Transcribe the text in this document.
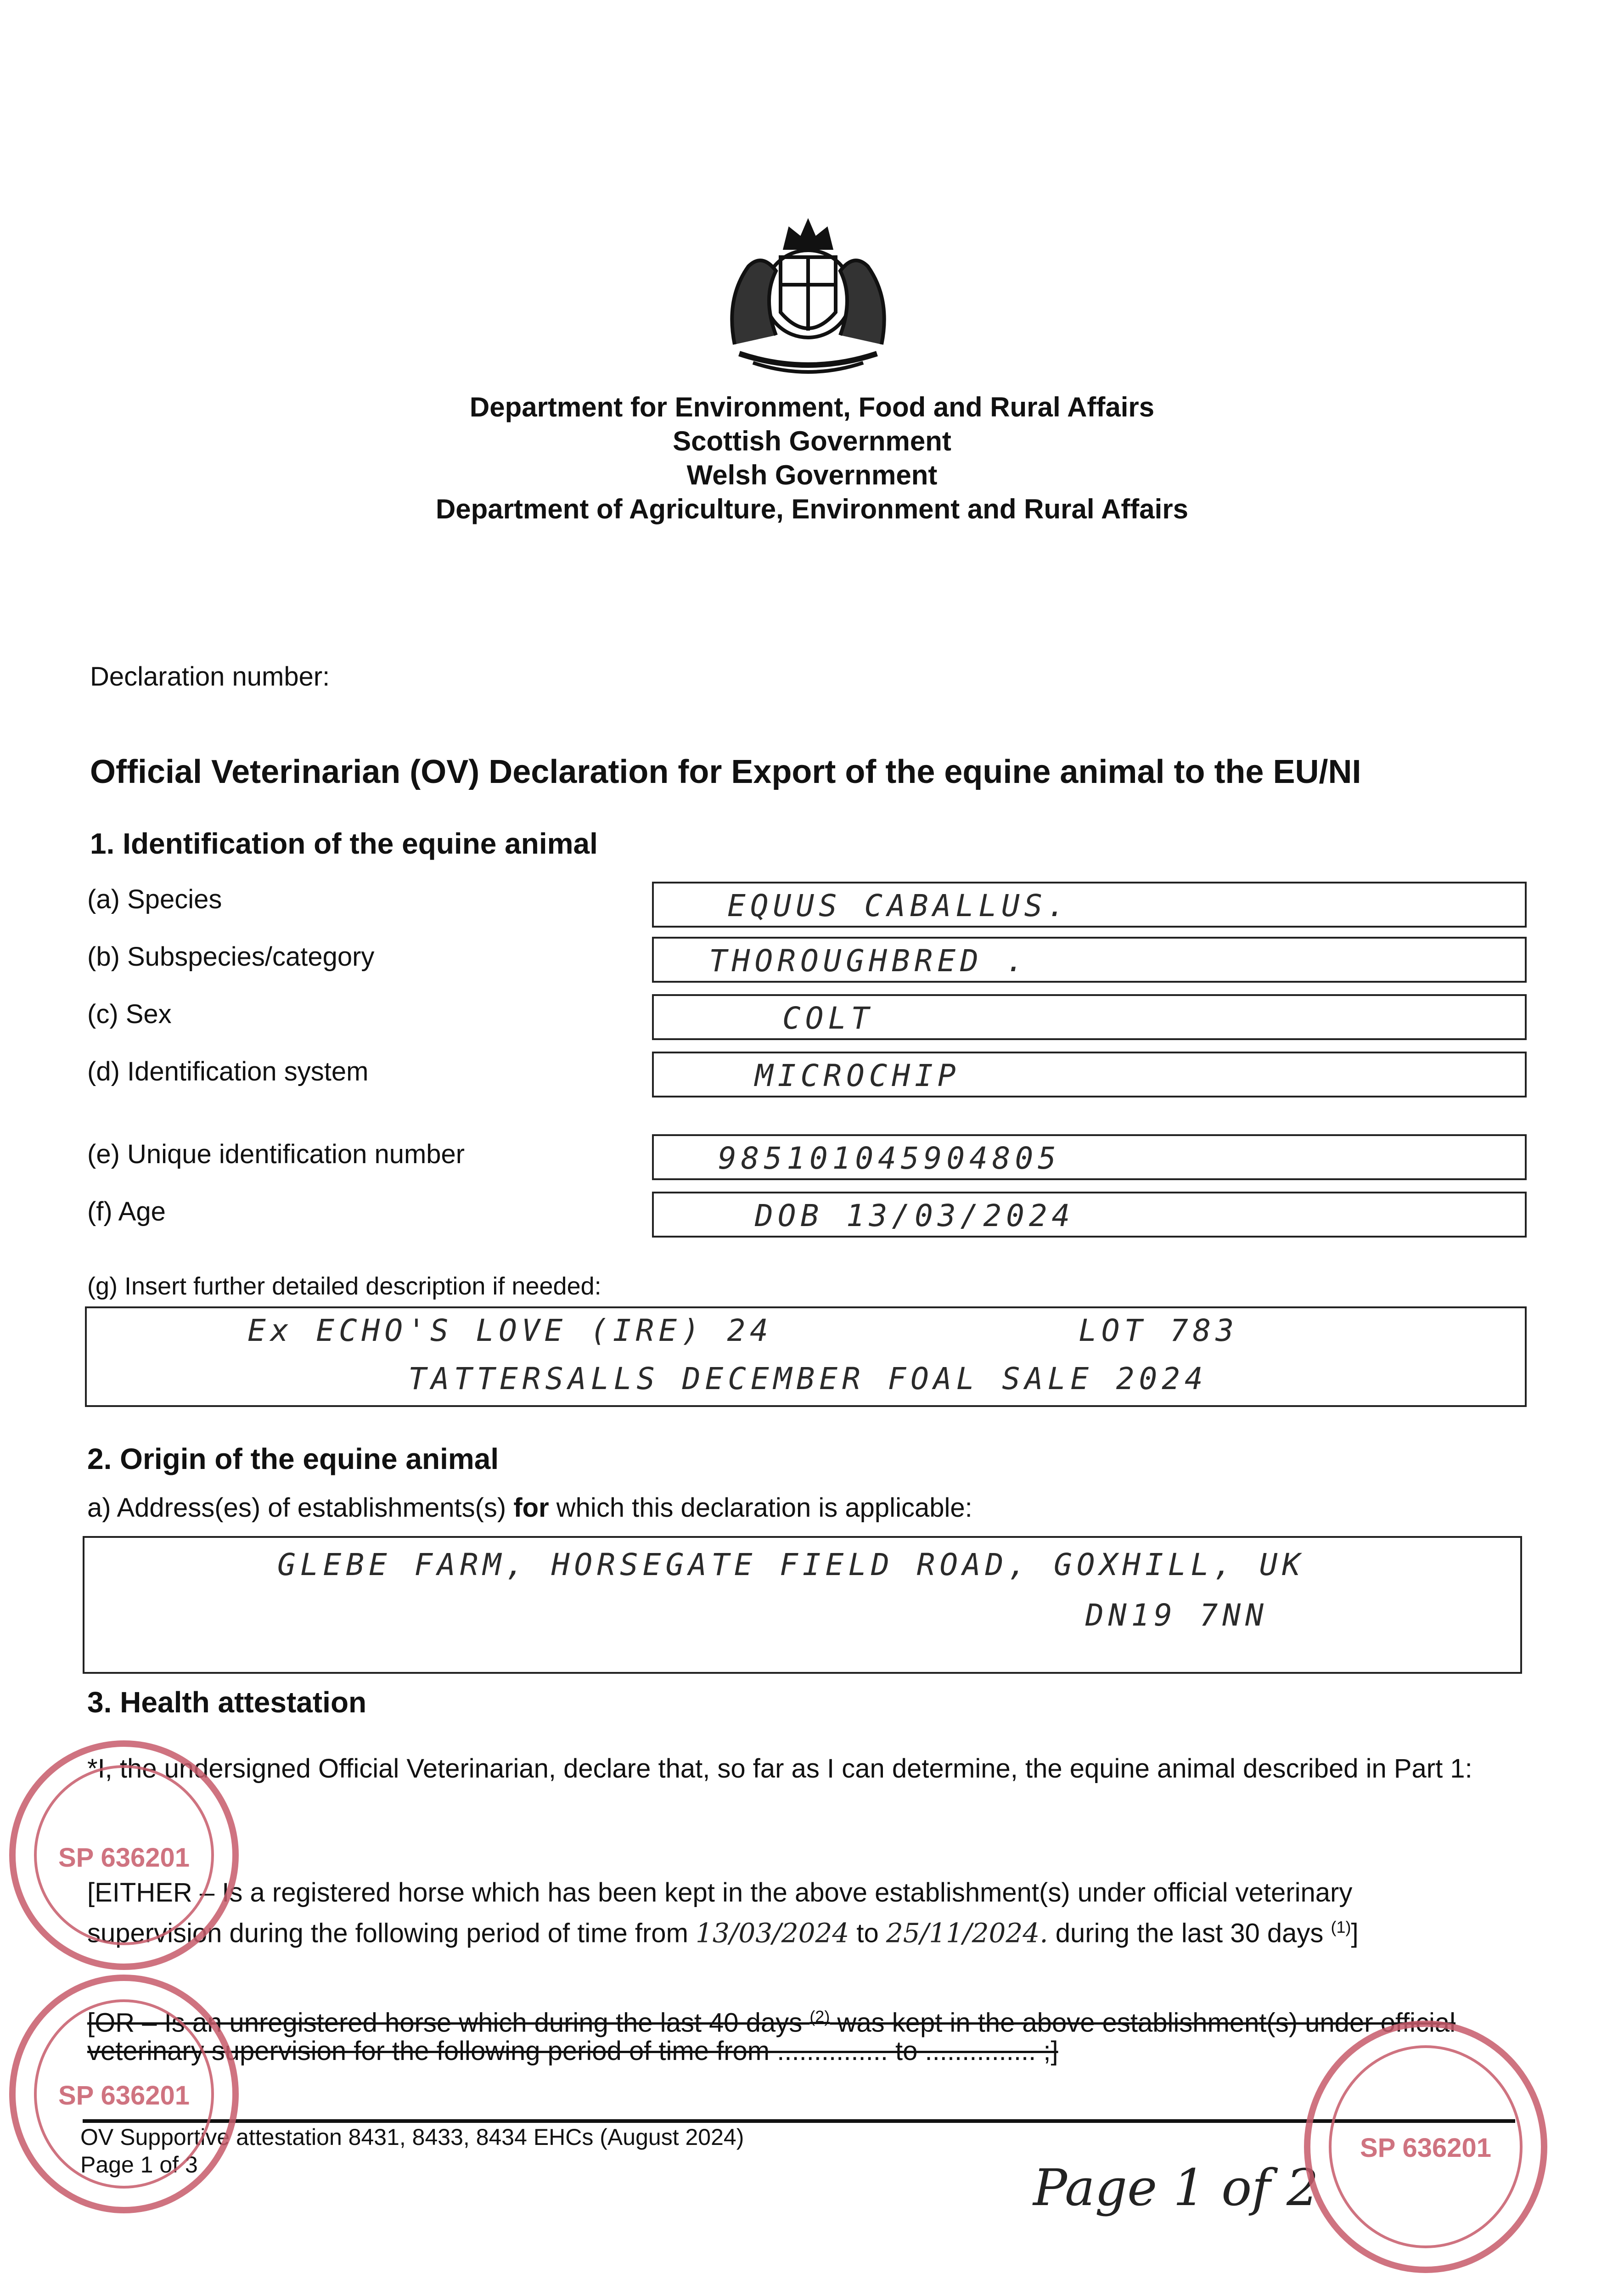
Department for Environment, Food and Rural Affairs
Scottish Government
Welsh Government
Department of Agriculture, Environment and Rural Affairs
Declaration number:
Official Veterinarian (OV) Declaration for Export of the equine animal to the EU/NI
1. Identification of the equine animal
(a) Species	EQUUS CABALLUS.
(b) Subspecies/category	THOROUGHBRED .
(c) Sex	COLT
(d) Identification system	MICROCHIP
(e) Unique identification number	985101045904805
(f) Age	DOB 13/03/2024
(g) Insert further detailed description if needed:
Ex ECHO'S LOVE (IRE) 24	LOT 783
TATTERSALLS DECEMBER FOAL SALE 2024
2. Origin of the equine animal
a) Address(es) of establishments(s) for which this declaration is applicable:
GLEBE FARM, HORSEGATE FIELD ROAD, GOXHILL, UK
DN19 7NN
3. Health attestation
*I, the undersigned Official Veterinarian, declare that, so far as I can determine, the equine animal described in Part 1:
[EITHER – Is a registered horse which has been kept in the above establishment(s) under official veterinary
supervision during the following period of time from 13/03/2024 to 25/11/2024. during the last 30 days $^{(1)}$]
[OR – Is an unregistered horse which during the last 40 days $^{(2)}$ was kept in the above establishment(s) under official
veterinary supervision for the following period of time from ............... to ............... ;]
OV Supportive attestation 8431, 8433, 8434 EHCs (August 2024)
Page 1 of 3	Page 1 of 2
SP 636201
SP 636201
SP 636201
